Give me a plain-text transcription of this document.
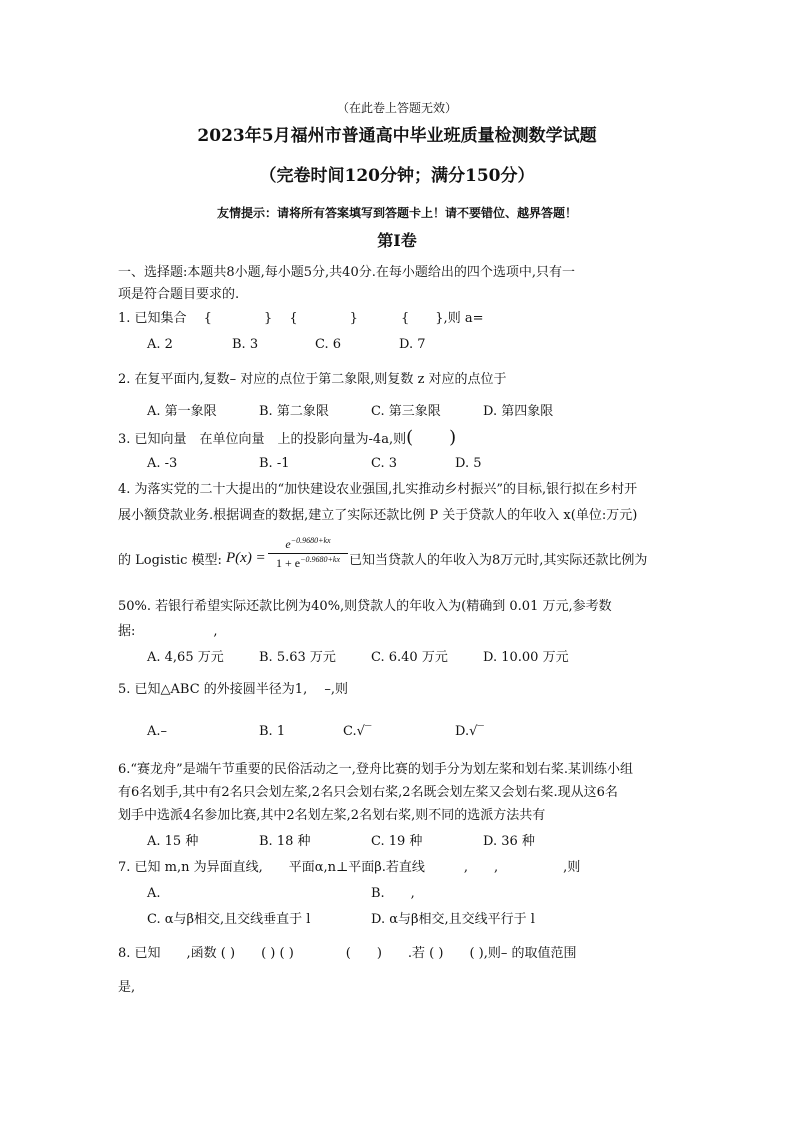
（在此卷上答题无效）
2023年5月福州市普通高中毕业班质量检测数学试题
（完卷时间120分钟；满分150分）
友情提示：请将所有答案填写到答题卡上！请不要错位、越界答题！
第Ⅰ卷
一、选择题:本题共8小题,每小题5分,共40分.在每小题给出的四个选项中,只有一
项是符合题目要求的.
1. 已知集合　 {　　　　}　 {　　　　}　　　 {　　},则 a=
A. 2	B. 3	C. 6	D. 7
2. 在复平面内,复数– 对应的点位于第二象限,则复数 z 对应的点位于
A. 第一象限	B. 第二象限	C. 第三象限	D. 第四象限
3. 已知向量　在单位向量　上的投影向量为-4a,则(　　)
A. -3	B. -1	C. 3	D. 5
4. 为落实党的二十大提出的“加快建设农业强国,扎实推动乡村振兴”的目标,银行拟在乡村开
展小额贷款业务.根据调查的数据,建立了实际还款比例 P 关于贷款人的年收入 x(单位:万元)
的 Logistic 模型: P(x) =
$e^{-0.9680+kx}$
$1 + e^{-0.9680+kx}$ 已知当贷款人的年收入为8万元时,其实际还款比例为
50%. 若银行希望实际还款比例为40%,则贷款人的年收入为(精确到 0.01 万元,参考数
据:　　　　　　,
A. 4,65 万元	B. 5.63 万元	C. 6.40 万元	D. 10.00 万元
5. 已知△ABC 的外接圆半径为1,　 –,则
A.–	B. 1	C.√‾	D.√‾
6.“赛龙舟”是端午节重要的民俗活动之一,登舟比赛的划手分为划左桨和划右桨.某训练小组
有6名划手,其中有2名只会划左桨,2名只会划右桨,2名既会划左桨又会划右桨.现从这6名
划手中选派4名参加比赛,其中2名划左桨,2名划右桨,则不同的选派方法共有
A. 15 种	B. 18 种	C. 19 种	D. 36 种
7. 已知 m,n 为异面直线,　　平面α,n⊥平面β.若直线　　　,　　,　　　　　,则
A.	B.　　,
C. α与β相交,且交线垂直于 l	D. α与β相交,且交线平行于 l
8. 已知　　,函数 ( )　　( ) ( )　　　　(　　)　　.若 ( )　　( ),则– 的取值范围
是,
